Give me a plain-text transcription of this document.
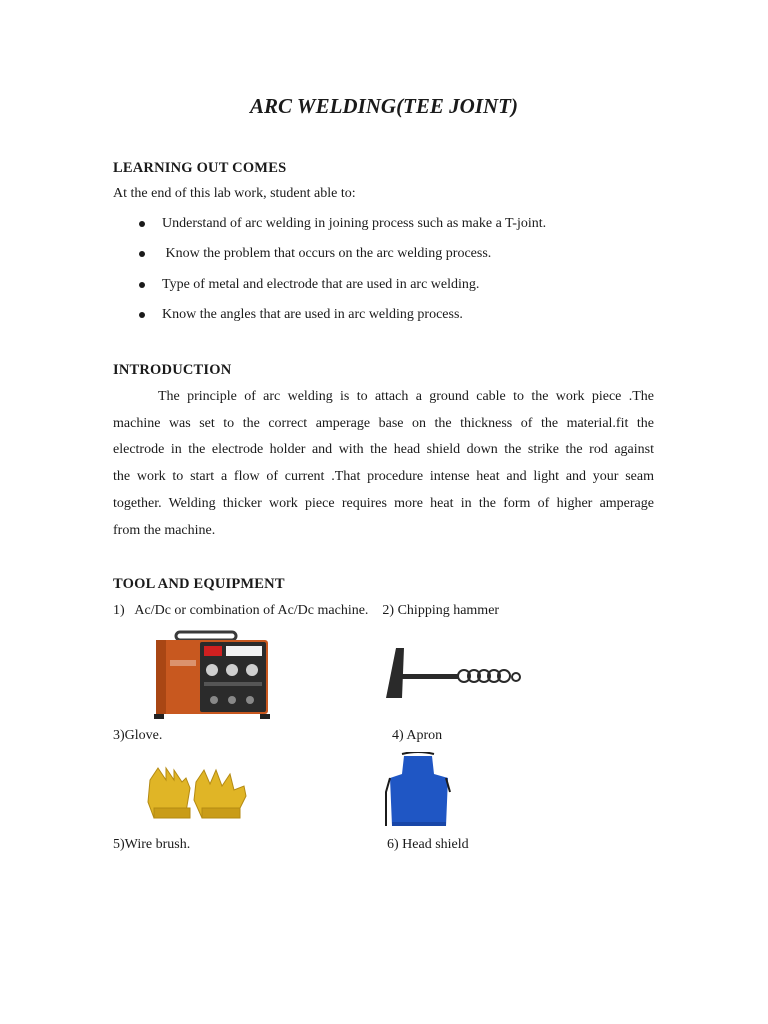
ARC WELDING(TEE JOINT)
LEARNING OUT COMES

At the end of this lab work, student able to:

Understand of arc welding in joining process such as make a T-joint.
Know the problem that occurs on the arc welding process.
Type of metal and electrode that are used in arc welding.
Know the angles that are used in arc welding process.
INTRODUCTION
The principle of arc welding is to attach a ground cable to the work piece .The
machine was set to the correct amperage base on the thickness of the material.fit the
electrode in the electrode holder and with the head shield down the strike the rod against
the work to start a flow of current .That procedure intense heat and light and your seam
together. Welding thicker work piece requires more heat in the form of higher amperage
from the machine.
TOOL AND EQUIPMENT

1)   Ac/Dc or combination of Ac/Dc machine.    2) Chipping hammer

3)Glove.	4) Apron

5)Wire brush.	6) Head shield
